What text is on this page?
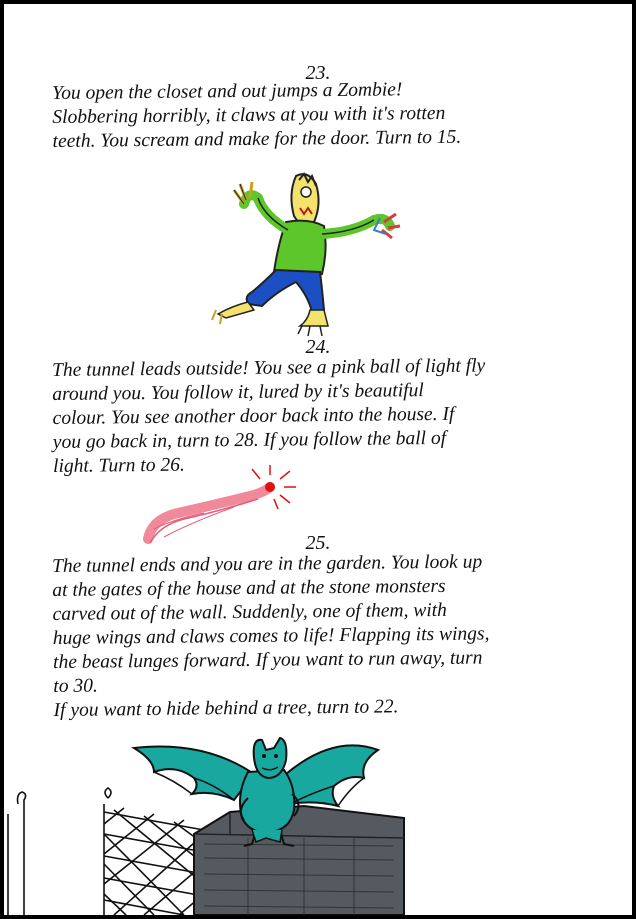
23.
You open the closet and out jumps a Zombie!
Slobbering horribly, it claws at you with it's rotten
teeth. You scream and make for the door. Turn to 15.
24.
The tunnel leads outside! You see a pink ball of light fly
around you. You follow it, lured by it's beautiful
colour. You see another door back into the house. If
you go back in, turn to 28. If you follow the ball of
light. Turn to 26.
25.
The tunnel ends and you are in the garden. You look up
at the gates of the house and at the stone monsters
carved out of the wall. Suddenly, one of them, with
huge wings and claws comes to life! Flapping its wings,
the beast lunges forward. If you want to run away, turn
to 30.
If you want to hide behind a tree, turn to 22.
